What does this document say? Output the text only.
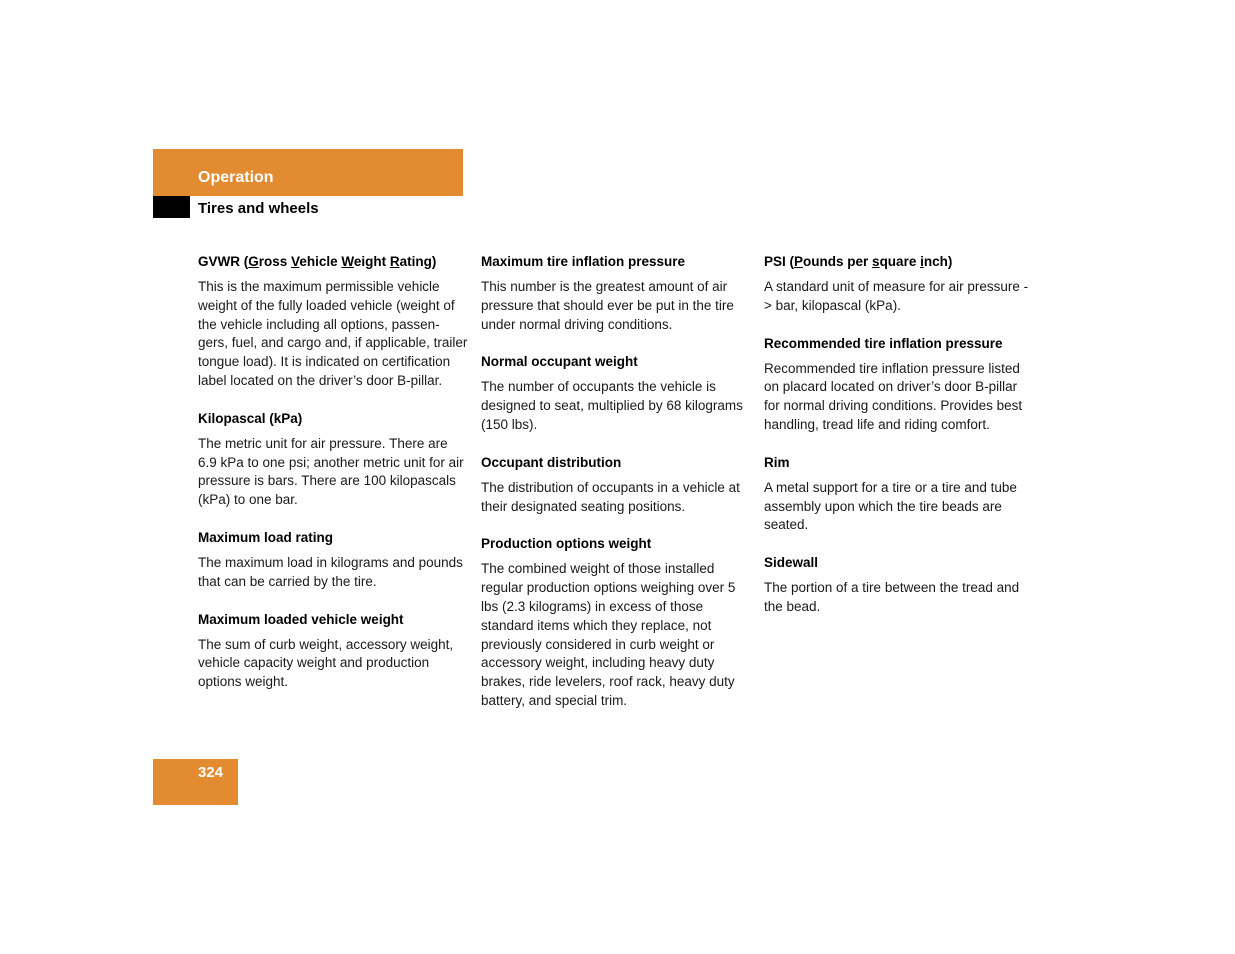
Operation
Tires and wheels
GVWR (Gross Vehicle Weight Rating)

This is the maximum permissible vehicle weight of the fully loaded vehicle (weight of the vehicle including all options, passen-gers, fuel, and cargo and, if applicable, trailer tongue load). It is indicated on certification label located on the driver’s door B-pillar.

Kilopascal (kPa)

The metric unit for air pressure. There are 6.9 kPa to one psi; another metric unit for air pressure is bars. There are 100 kilopascals (kPa) to one bar.

Maximum load rating

The maximum load in kilograms and pounds that can be carried by the tire.

Maximum loaded vehicle weight

The sum of curb weight, accessory weight, vehicle capacity weight and production options weight.

Maximum tire inflation pressure

This number is the greatest amount of air pressure that should ever be put in the tire under normal driving conditions.

Normal occupant weight

The number of occupants the vehicle is designed to seat, multiplied by 68 kilograms (150 lbs).

Occupant distribution

The distribution of occupants in a vehicle at their designated seating positions.

Production options weight

The combined weight of those installed regular production options weighing over 5 lbs (2.3 kilograms) in excess of those standard items which they replace, not previously considered in curb weight or accessory weight, including heavy duty brakes, ride levelers, roof rack, heavy duty battery, and special trim.

PSI (Pounds per square inch)

A standard unit of measure for air pressure -> bar, kilopascal (kPa).

Recommended tire inflation pressure

Recommended tire inflation pressure listed on placard located on driver’s door B-pillar for normal driving conditions. Provides best handling, tread life and riding comfort.

Rim

A metal support for a tire or a tire and tube assembly upon which the tire beads are seated.

Sidewall

The portion of a tire between the tread and the bead.

324
